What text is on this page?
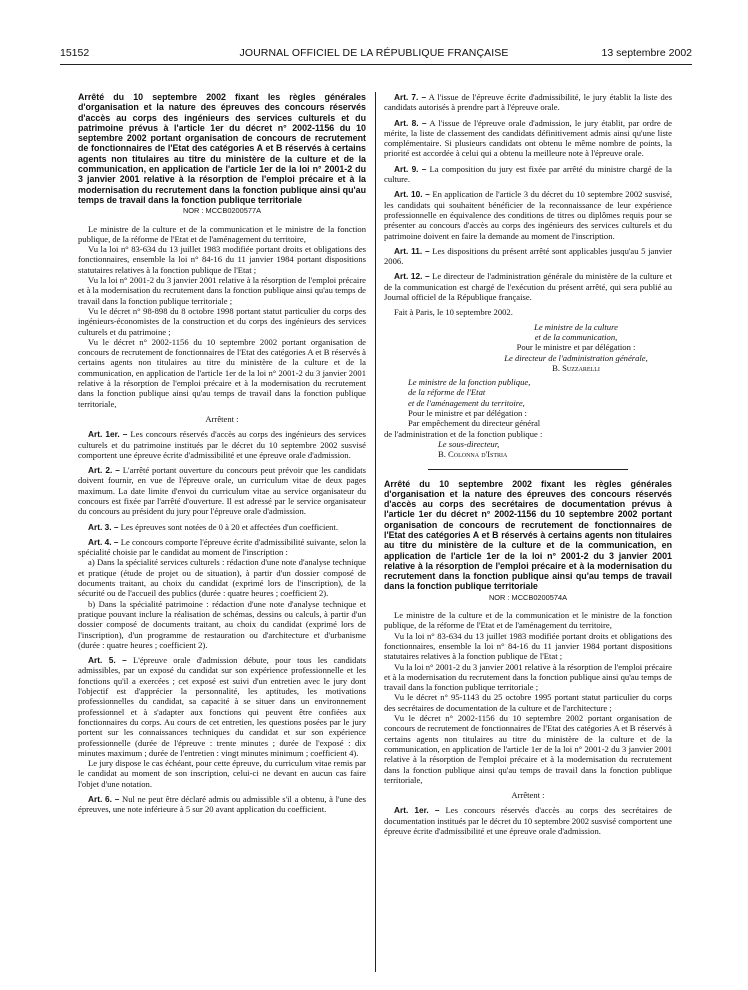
15152	JOURNAL OFFICIEL DE LA RÉPUBLIQUE FRANÇAISE	13 septembre 2002
Arrêté du 10 septembre 2002 fixant les règles générales d'organisation et la nature des épreuves des concours réservés d'accès au corps des ingénieurs des services culturels et du patrimoine prévus à l'article 1er du décret n° 2002-1156 du 10 septembre 2002 portant organisation de concours de recrutement de fonctionnaires de l'Etat des catégories A et B réservés à certains agents non titulaires au titre du ministère de la culture et de la communication, en application de l'article 1er de la loi n° 2001-2 du 3 janvier 2001 relative à la résorption de l'emploi précaire et à la modernisation du recrutement dans la fonction publique ainsi qu'au temps de travail dans la fonction publique territoriale
NOR : MCCB0200577A

Le ministre de la culture et de la communication et le ministre de la fonction publique, de la réforme de l'Etat et de l'aménagement du territoire,

Vu la loi n° 83-634 du 13 juillet 1983 modifiée portant droits et obligations des fonctionnaires, ensemble la loi n° 84-16 du 11 janvier 1984 portant dispositions statutaires relatives à la fonction publique de l'Etat ;

Vu la loi n° 2001-2 du 3 janvier 2001 relative à la résorption de l'emploi précaire et à la modernisation du recrutement dans la fonction publique ainsi qu'au temps de travail dans la fonction publique territoriale ;

Vu le décret n° 98-898 du 8 octobre 1998 portant statut particulier du corps des ingénieurs-économistes de la construction et du corps des ingénieurs des services culturels et du patrimoine ;

Vu le décret n° 2002-1156 du 10 septembre 2002 portant organisation de concours de recrutement de fonctionnaires de l'Etat des catégories A et B réservés à certains agents non titulaires au titre du ministère de la culture et de la communication, en application de l'article 1er de la loi n° 2001-2 du 3 janvier 2001 relative à la résorption de l'emploi précaire et à la modernisation du recrutement dans la fonction publique ainsi qu'au temps de travail dans la fonction publique territoriale,

Arrêtent :

Art. 1er. – Les concours réservés d'accès au corps des ingénieurs des services culturels et du patrimoine institués par le décret du 10 septembre 2002 susvisé comportent une épreuve écrite d'admissibilité et une épreuve orale d'admission.

Art. 2. – L'arrêté portant ouverture du concours peut prévoir que les candidats doivent fournir, en vue de l'épreuve orale, un curriculum vitae de deux pages maximum. La date limite d'envoi du curriculum vitae au service organisateur du concours est fixée par l'arrêté d'ouverture. Il est adressé par le service organisateur du concours au président du jury pour l'épreuve orale d'admission.

Art. 3. – Les épreuves sont notées de 0 à 20 et affectées d'un coefficient.

Art. 4. – Le concours comporte l'épreuve écrite d'admissibilité suivante, selon la spécialité choisie par le candidat au moment de l'inscription :

a) Dans la spécialité services culturels : rédaction d'une note d'analyse technique et pratique (étude de projet ou de situation), à partir d'un dossier composé de documents traitant, au choix du candidat (exprimé lors de l'inscription), de la sécurité ou de l'accueil des publics (durée : quatre heures ; coefficient 2).

b) Dans la spécialité patrimoine : rédaction d'une note d'analyse technique et pratique pouvant inclure la réalisation de schémas, dessins ou calculs, à partir d'un dossier composé de documents traitant, au choix du candidat (exprimé lors de l'inscription), d'un programme de restauration ou d'architecture et d'urbanisme (durée : quatre heures ; coefficient 2).

Art. 5. – L'épreuve orale d'admission débute, pour tous les candidats admissibles, par un exposé du candidat sur son expérience professionnelle et les fonctions qu'il a exercées ; cet exposé est suivi d'un entretien avec le jury dont l'objectif est d'apprécier la personnalité, les aptitudes, les motivations professionnelles du candidat, sa capacité à se situer dans un environnement professionnel et à s'adapter aux fonctions qui peuvent être confiées aux fonctionnaires du corps. Au cours de cet entretien, les questions posées par le jury portent sur les connaissances techniques du candidat et sur son expérience professionnelle (durée de l'épreuve : trente minutes ; durée de l'exposé : dix minutes maximum ; durée de l'entretien : vingt minutes minimum ; coefficient 4).

Le jury dispose le cas échéant, pour cette épreuve, du curriculum vitae remis par le candidat au moment de son inscription, celui-ci ne devant en aucun cas faire l'objet d'une notation.

Art. 6. – Nul ne peut être déclaré admis ou admissible s'il a obtenu, à l'une des épreuves, une note inférieure à 5 sur 20 avant application du coefficient.

Art. 7. – A l'issue de l'épreuve écrite d'admissibilité, le jury établit la liste des candidats autorisés à prendre part à l'épreuve orale.

Art. 8. – A l'issue de l'épreuve orale d'admission, le jury établit, par ordre de mérite, la liste de classement des candidats définitivement admis ainsi qu'une liste complémentaire. Si plusieurs candidats ont obtenu le même nombre de points, la priorité est accordée à celui qui a obtenu la meilleure note à l'épreuve orale.

Art. 9. – La composition du jury est fixée par arrêté du ministre chargé de la culture.

Art. 10. – En application de l'article 3 du décret du 10 septembre 2002 susvisé, les candidats qui souhaitent bénéficier de la reconnaissance de leur expérience professionnelle en équivalence des conditions de titres ou diplômes requis pour se présenter au concours d'accès au corps des ingénieurs des services culturels et du patrimoine doivent en faire la demande au moment de l'inscription.

Art. 11. – Les dispositions du présent arrêté sont applicables jusqu'au 5 janvier 2006.

Art. 12. – Le directeur de l'administration générale du ministère de la culture et de la communication est chargé de l'exécution du présent arrêté, qui sera publié au Journal officiel de la République française.

Fait à Paris, le 10 septembre 2002.

Le ministre de la culture

et de la communication,

Pour le ministre et par délégation :

Le directeur de l'administration générale,

B. Suzzarelli

Le ministre de la fonction publique,

de la réforme de l'Etat

et de l'aménagement du territoire,

Pour le ministre et par délégation :

Par empêchement du directeur général

de l'administration et de la fonction publique :

Le sous-directeur,

B. Colonna d'Istria

Arrêté du 10 septembre 2002 fixant les règles générales d'organisation et la nature des épreuves des concours réservés d'accès au corps des secrétaires de documentation prévus à l'article 1er du décret n° 2002-1156 du 10 septembre 2002 portant organisation de concours de recrutement de fonctionnaires de l'Etat des catégories A et B réservés à certains agents non titulaires au titre du ministère de la culture et de la communication, en application de l'article 1er de la loi n° 2001-2 du 3 janvier 2001 relative à la résorption de l'emploi précaire et à la modernisation du recrutement dans la fonction publique ainsi qu'au temps de travail dans la fonction publique territoriale
NOR : MCCB0200574A

Le ministre de la culture et de la communication et le ministre de la fonction publique, de la réforme de l'Etat et de l'aménagement du territoire,

Vu la loi n° 83-634 du 13 juillet 1983 modifiée portant droits et obligations des fonctionnaires, ensemble la loi n° 84-16 du 11 janvier 1984 portant dispositions statutaires relatives à la fonction publique de l'Etat ;

Vu la loi n° 2001-2 du 3 janvier 2001 relative à la résorption de l'emploi précaire et à la modernisation du recrutement dans la fonction publique ainsi qu'au temps de travail dans la fonction publique territoriale ;

Vu le décret n° 95-1143 du 25 octobre 1995 portant statut particulier du corps des secrétaires de documentation de la culture et de l'architecture ;

Vu le décret n° 2002-1156 du 10 septembre 2002 portant organisation de concours de recrutement de fonctionnaires de l'Etat des catégories A et B réservés à certains agents non titulaires au titre du ministère de la culture et de la communication, en application de l'article 1er de la loi n° 2001-2 du 3 janvier 2001 relative à la résorption de l'emploi précaire et à la modernisation du recrutement dans la fonction publique ainsi qu'au temps de travail dans la fonction publique territoriale,

Arrêtent :

Art. 1er. – Les concours réservés d'accès au corps des secrétaires de documentation institués par le décret du 10 septembre 2002 susvisé comportent une épreuve écrite d'admissibilité et une épreuve orale d'admission.
